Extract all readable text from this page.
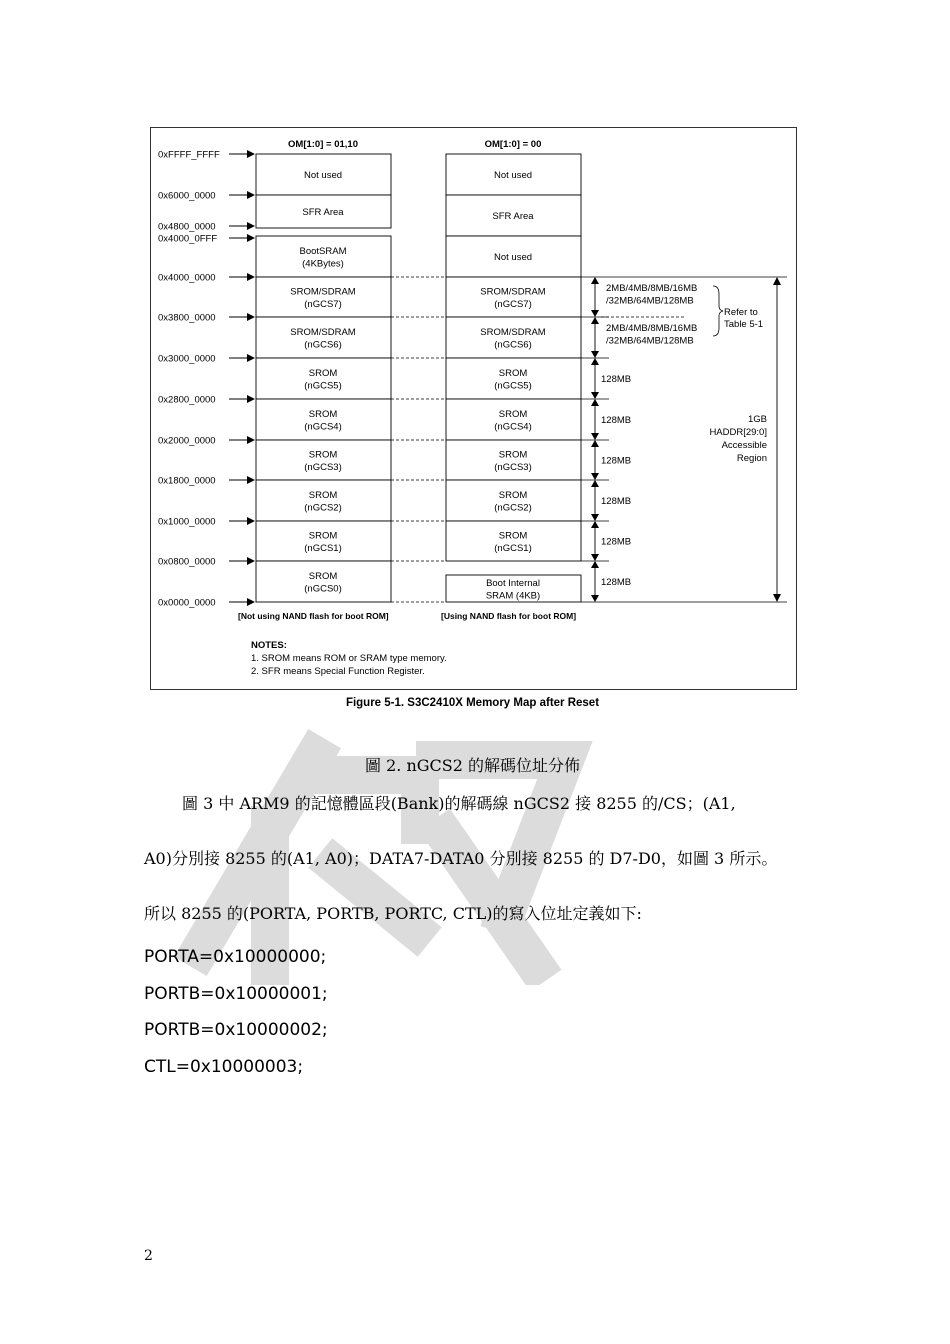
OM[1:0] = 01,10	OM[1:0] = 00
0xFFFF_FFFF
0x6000_0000
0x4800_0000
0x4000_0FFF
0x4000_0000
0x3800_0000
0x3000_0000
0x2800_0000
0x2000_0000
0x1800_0000
0x1000_0000
0x0800_0000
0x0000_0000
Not used
SFR Area
BootSRAM
(4KBytes)
SROM/SDRAM
(nGCS7)
SROM/SDRAM
(nGCS6)
SROM
(nGCS5)
SROM
(nGCS4)
SROM
(nGCS3)
SROM
(nGCS2)
SROM
(nGCS1)
SROM
(nGCS0)
Not used
SFR Area
Not used
SROM/SDRAM
(nGCS7)
SROM/SDRAM
(nGCS6)
SROM
(nGCS5)
SROM
(nGCS4)
SROM
(nGCS3)
SROM
(nGCS2)
SROM
(nGCS1)
Boot Internal
SRAM (4KB)
2MB/4MB/8MB/16MB
/32MB/64MB/128MB
2MB/4MB/8MB/16MB
/32MB/64MB/128MB
128MB
128MB
128MB
128MB
128MB
128MB
Refer to
Table 5-1
1GB
HADDR[29:0]
Accessible
Region
[Not using NAND flash for boot ROM]	[Using NAND flash for boot ROM]
NOTES:
1. SROM means ROM or SRAM type memory.
2. SFR means Special Function Register.
Figure 5-1. S3C2410X Memory Map after Reset
圖 2. nGCS2 的解碼位址分佈
圖 3 中 ARM9 的記憶體區段(Bank)的解碼線 nGCS2 接 8255 的/CS；(A1,
A0)分別接 8255 的(A1, A0)；DATA7-DATA0 分別接 8255 的 D7-D0，如圖 3 所示。
所以 8255 的(PORTA, PORTB, PORTC, CTL)的寫入位址定義如下:
PORTA=0x10000000;
PORTB=0x10000001;
PORTB=0x10000002;
CTL=0x10000003;
2
